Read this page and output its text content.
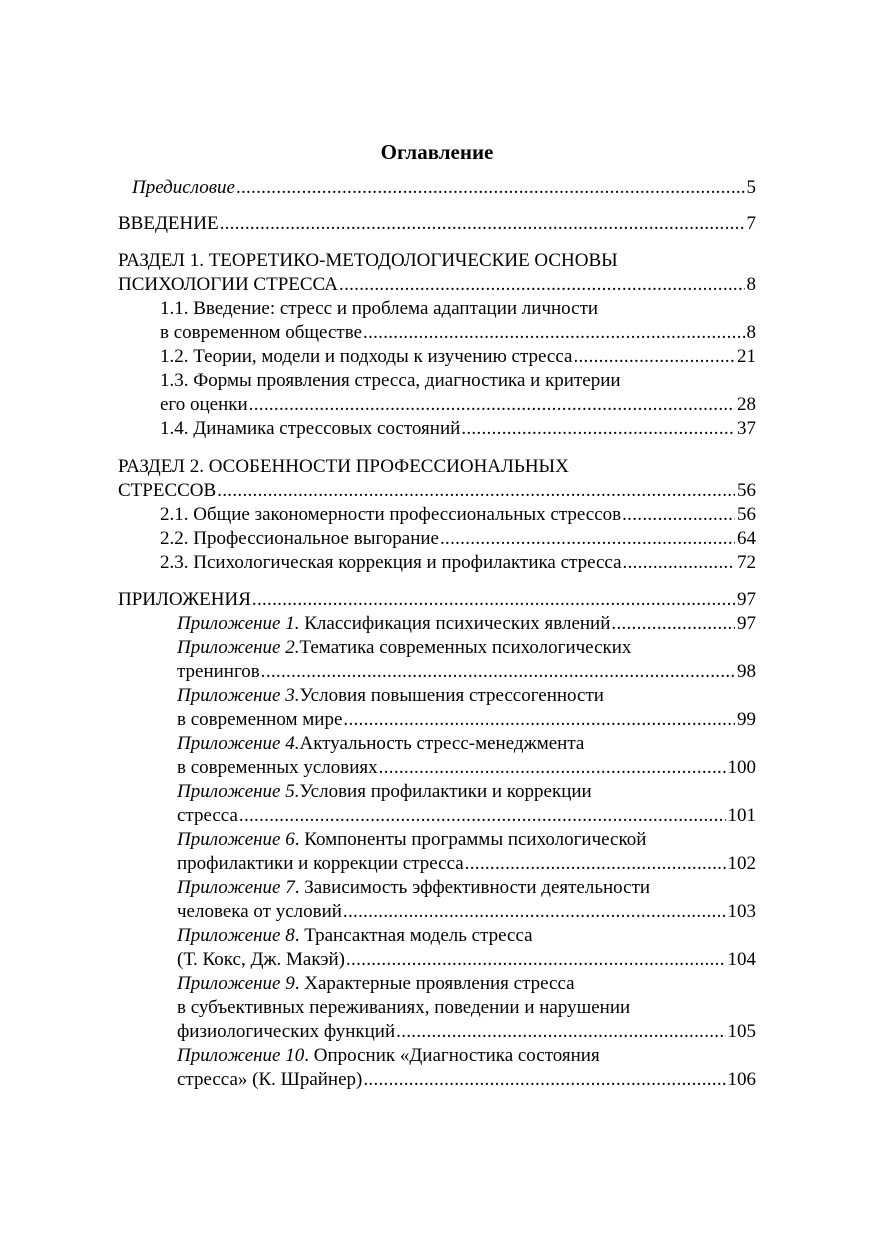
Оглавление
Предисловие .....	5
ВВЕДЕНИЕ .....	7
РАЗДЕЛ 1. ТЕОРЕТИКО-МЕТОДОЛОГИЧЕСКИЕ ОСНОВЫ
ПСИХОЛОГИИ СТРЕССА .....	8
1.1. Введение: стресс и проблема адаптации личности
в современном обществе .....	8
1.2. Теории, модели и подходы к изучению стресса .....	21
1.3. Формы проявления стресса, диагностика и критерии
его оценки .....	28
1.4. Динамика стрессовых состояний .....	37
РАЗДЕЛ 2. ОСОБЕННОСТИ ПРОФЕССИОНАЛЬНЫХ
СТРЕССОВ .....	56
2.1. Общие закономерности профессиональных стрессов .....	56
2.2. Профессиональное выгорание .....	64
2.3. Психологическая коррекция и профилактика стресса .....	72
ПРИЛОЖЕНИЯ .....	97
Приложение 1. Классификация психических явлений .....	97
Приложение 2. Тематика современных психологических
тренингов .....	98
Приложение 3. Условия повышения стрессогенности
в современном мире .....	99
Приложение 4. Актуальность стресс-менеджмента
в современных условиях .....	100
Приложение 5. Условия профилактики и коррекции
стресса .....	101
Приложение 6 . Компоненты программы психологической
профилактики и коррекции стресса .....	102
Приложение 7 . Зависимость эффективности деятельности
человека от условий .....	103
Приложение 8 . Трансактная модель стресса
(Т. Кокс, Дж. Макэй) .....	104
Приложение 9 . Характерные проявления стресса
в субъективных переживаниях, поведении и нарушении
физиологических функций .....	105
Приложение 10 . Опросник «Диагностика состояния
стресса» (К. Шрайнер) .....	106
